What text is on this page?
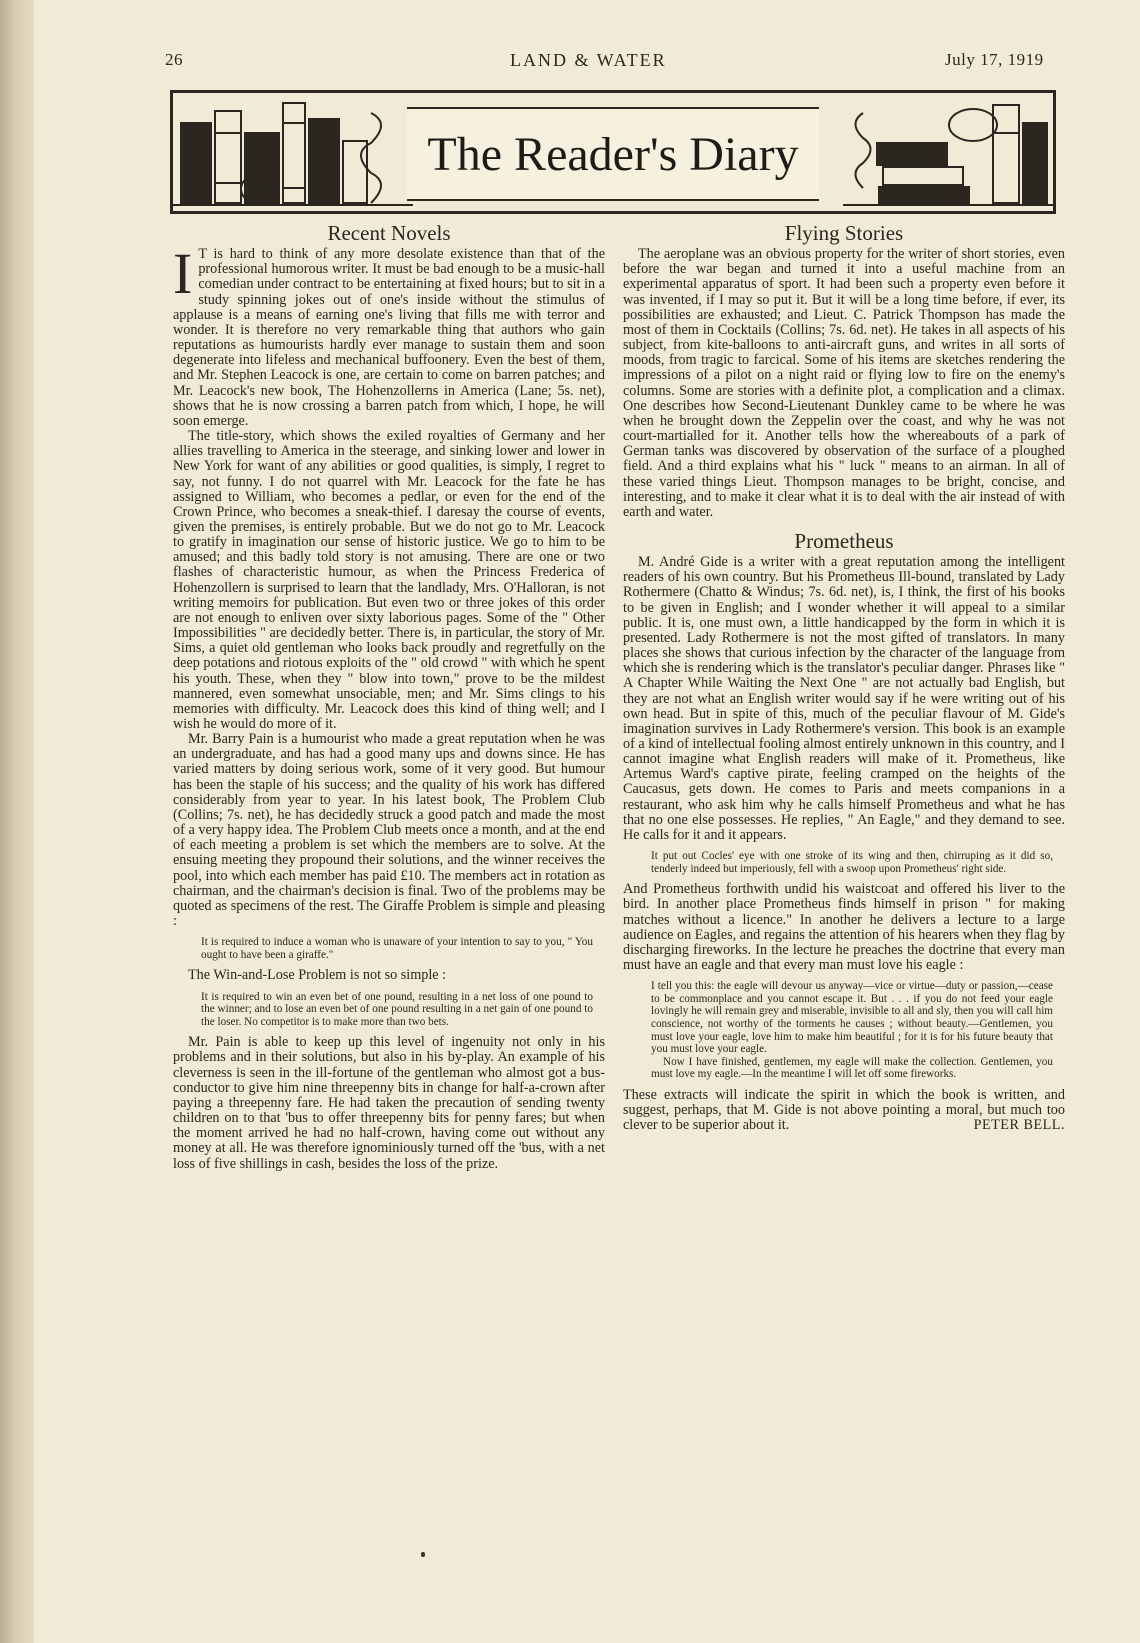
26	LAND & WATER	July 17, 1919
The Reader's Diary
Recent Novels

I T is hard to think of any more desolate existence than that of the professional humorous writer. It must be bad enough to be a music-hall comedian under contract to be entertaining at fixed hours; but to sit in a study spinning jokes out of one's inside without the stimulus of applause is a means of earning one's living that fills me with terror and wonder. It is therefore no very remarkable thing that authors who gain reputations as humourists hardly ever manage to sustain them and soon degenerate into lifeless and mechanical buffoonery. Even the best of them, and Mr. Stephen Leacock is one, are certain to come on barren patches; and Mr. Leacock's new book, The Hohenzollerns in America (Lane; 5s. net), shows that he is now crossing a barren patch from which, I hope, he will soon emerge.

The title-story, which shows the exiled royalties of Germany and her allies travelling to America in the steerage, and sinking lower and lower in New York for want of any abilities or good qualities, is simply, I regret to say, not funny. I do not quarrel with Mr. Leacock for the fate he has assigned to William, who becomes a pedlar, or even for the end of the Crown Prince, who becomes a sneak-thief. I daresay the course of events, given the premises, is entirely probable. But we do not go to Mr. Leacock to gratify in imagination our sense of historic justice. We go to him to be amused; and this badly told story is not amusing. There are one or two flashes of characteristic humour, as when the Princess Frederica of Hohenzollern is surprised to learn that the landlady, Mrs. O'Halloran, is not writing memoirs for publication. But even two or three jokes of this order are not enough to enliven over sixty laborious pages. Some of the " Other Impossibilities " are decidedly better. There is, in particular, the story of Mr. Sims, a quiet old gentleman who looks back proudly and regretfully on the deep potations and riotous exploits of the " old crowd " with which he spent his youth. These, when they " blow into town," prove to be the mildest mannered, even somewhat unsociable, men; and Mr. Sims clings to his memories with difficulty. Mr. Leacock does this kind of thing well; and I wish he would do more of it.

Mr. Barry Pain is a humourist who made a great reputation when he was an undergraduate, and has had a good many ups and downs since. He has varied matters by doing serious work, some of it very good. But humour has been the staple of his success; and the quality of his work has differed considerably from year to year. In his latest book, The Problem Club (Collins; 7s. net), he has decidedly struck a good patch and made the most of a very happy idea. The Problem Club meets once a month, and at the end of each meeting a problem is set which the members are to solve. At the ensuing meeting they propound their solutions, and the winner receives the pool, into which each member has paid £10. The members act in rotation as chairman, and the chairman's decision is final. Two of the problems may be quoted as specimens of the rest. The Giraffe Problem is simple and pleasing :

It is required to induce a woman who is unaware of your intention to say to you, " You ought to have been a giraffe."

The Win-and-Lose Problem is not so simple :

It is required to win an even bet of one pound, resulting in a net loss of one pound to the winner; and to lose an even bet of one pound resulting in a net gain of one pound to the loser. No competitor is to make more than two bets.

Mr. Pain is able to keep up this level of ingenuity not only in his problems and in their solutions, but also in his by-play. An example of his cleverness is seen in the ill-fortune of the gentleman who almost got a bus-conductor to give him nine threepenny bits in change for half-a-crown after paying a threepenny fare. He had taken the precaution of sending twenty children on to that 'bus to offer threepenny bits for penny fares; but when the moment arrived he had no half-crown, having come out without any money at all. He was therefore ignominiously turned off the 'bus, with a net loss of five shillings in cash, besides the loss of the prize.

Flying Stories

The aeroplane was an obvious property for the writer of short stories, even before the war began and turned it into a useful machine from an experimental apparatus of sport. It had been such a property even before it was invented, if I may so put it. But it will be a long time before, if ever, its possibilities are exhausted; and Lieut. C. Patrick Thompson has made the most of them in Cocktails (Collins; 7s. 6d. net). He takes in all aspects of his subject, from kite-balloons to anti-aircraft guns, and writes in all sorts of moods, from tragic to farcical. Some of his items are sketches rendering the impressions of a pilot on a night raid or flying low to fire on the enemy's columns. Some are stories with a definite plot, a complication and a climax. One describes how Second-Lieutenant Dunkley came to be where he was when he brought down the Zeppelin over the coast, and why he was not court-martialled for it. Another tells how the whereabouts of a park of German tanks was discovered by observation of the surface of a ploughed field. And a third explains what his " luck " means to an airman. In all of these varied things Lieut. Thompson manages to be bright, concise, and interesting, and to make it clear what it is to deal with the air instead of with earth and water.

Prometheus

M. André Gide is a writer with a great reputation among the intelligent readers of his own country. But his Prometheus Ill-bound, translated by Lady Rothermere (Chatto & Windus; 7s. 6d. net), is, I think, the first of his books to be given in English; and I wonder whether it will appeal to a similar public. It is, one must own, a little handicapped by the form in which it is presented. Lady Rothermere is not the most gifted of translators. In many places she shows that curious infection by the character of the language from which she is rendering which is the translator's peculiar danger. Phrases like " A Chapter While Waiting the Next One " are not actually bad English, but they are not what an English writer would say if he were writing out of his own head. But in spite of this, much of the peculiar flavour of M. Gide's imagination survives in Lady Rothermere's version. This book is an example of a kind of intellectual fooling almost entirely unknown in this country, and I cannot imagine what English readers will make of it. Prometheus, like Artemus Ward's captive pirate, feeling cramped on the heights of the Caucasus, gets down. He comes to Paris and meets companions in a restaurant, who ask him why he calls himself Prometheus and what he has that no one else possesses. He replies, " An Eagle," and they demand to see. He calls for it and it appears.

It put out Cocles' eye with one stroke of its wing and then, chirruping as it did so, tenderly indeed but imperiously, fell with a swoop upon Prometheus' right side.

And Prometheus forthwith undid his waistcoat and offered his liver to the bird. In another place Prometheus finds himself in prison " for making matches without a licence." In another he delivers a lecture to a large audience on Eagles, and regains the attention of his hearers when they flag by discharging fireworks. In the lecture he preaches the doctrine that every man must have an eagle and that every man must love his eagle :

I tell you this: the eagle will devour us anyway—vice or virtue—duty or passion,—cease to be commonplace and you cannot escape it. But . . . if you do not feed your eagle lovingly he will remain grey and miserable, invisible to all and sly, then you will call him conscience, not worthy of the torments he causes ; without beauty.—Gentlemen, you must love your eagle, love him to make him beautiful ; for it is for his future beauty that you must love your eagle.

Now I have finished, gentlemen, my eagle will make the collection. Gentlemen, you must love my eagle.—In the meantime I will let off some fireworks.

These extracts will indicate the spirit in which the book is written, and suggest, perhaps, that M. Gide is not above pointing a moral, but much too clever to be superior about it.	PETER BELL.
